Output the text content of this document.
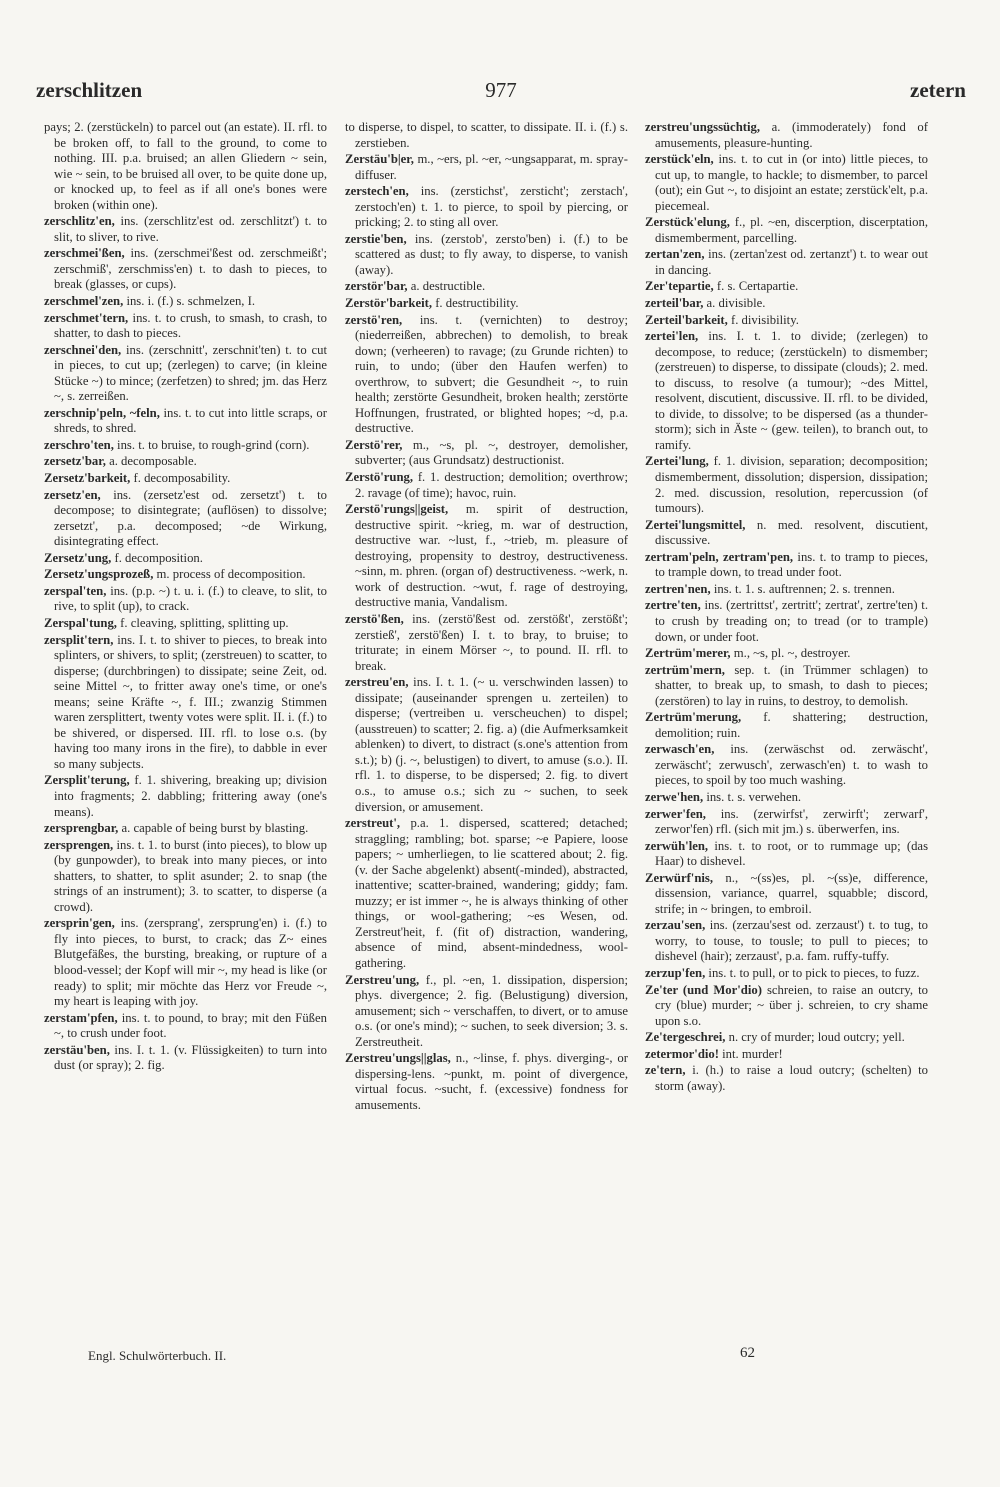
977
zerschlitzen	zetern

pays; 2. (zerstückeln) to parcel out (an estate). II. rfl. to be broken off, to fall to the ground, to come to nothing. III. p.a. bruised; an allen Gliedern ~ sein, wie ~ sein, to be bruised all over, to be quite done up, or knocked up, to feel as if all one's bones were broken (within one).

zerschlitz'en, ins. (zerschlitz'est od. zerschlitzt') t. to slit, to sliver, to rive.

zerschmei'ßen, ins. (zerschmei'ßest od. zerschmeißt'; zerschmiß', zerschmiss'en) t. to dash to pieces, to break (glasses, or cups).

zerschmel'zen, ins. i. (f.) s. schmelzen, I.

zerschmet'tern, ins. t. to crush, to smash, to crash, to shatter, to dash to pieces.

zerschnei'den, ins. (zerschnitt', zerschnit'ten) t. to cut in pieces, to cut up; (zerlegen) to carve; (in kleine Stücke ~) to mince; (zerfetzen) to shred; jm. das Herz ~, s. zerreißen.

zerschnip'peln, ~feln, ins. t. to cut into little scraps, or shreds, to shred.

zerschro'ten, ins. t. to bruise, to rough-grind (corn).

zersetz'bar, a. decomposable.

Zersetz'barkeit, f. decomposability.

zersetz'en, ins. (zersetz'est od. zersetzt') t. to decompose; to disintegrate; (auflösen) to dissolve; zersetzt', p.a. decomposed; ~de Wirkung, disintegrating effect.

Zersetz'ung, f. decomposition.

Zersetz'ungsprozeß, m. process of decomposition.

zerspal'ten, ins. (p.p. ~) t. u. i. (f.) to cleave, to slit, to rive, to split (up), to crack.

Zerspal'tung, f. cleaving, splitting, splitting up.

zersplit'tern, ins. I. t. to shiver to pieces, to break into splinters, or shivers, to split; (zerstreuen) to scatter, to disperse; (durchbringen) to dissipate; seine Zeit, od. seine Mittel ~, to fritter away one's time, or one's means; seine Kräfte ~, f. III.; zwanzig Stimmen waren zersplittert, twenty votes were split. II. i. (f.) to be shivered, or dispersed. III. rfl. to lose o.s. (by having too many irons in the fire), to dabble in ever so many subjects.

Zersplit'terung, f. 1. shivering, breaking up; division into fragments; 2. dabbling; frittering away (one's means).

zersprengbar, a. capable of being burst by blasting.

zersprengen, ins. t. 1. to burst (into pieces), to blow up (by gunpowder), to break into many pieces, or into shatters, to shatter, to split asunder; 2. to snap (the strings of an instrument); 3. to scatter, to disperse (a crowd).

zersprin'gen, ins. (zersprang', zersprung'en) i. (f.) to fly into pieces, to burst, to crack; das Z~ eines Blutgefäßes, the bursting, breaking, or rupture of a blood-vessel; der Kopf will mir ~, my head is like (or ready) to split; mir möchte das Herz vor Freude ~, my heart is leaping with joy.

zerstam'pfen, ins. t. to pound, to bray; mit den Füßen ~, to crush under foot.

zerstäu'ben, ins. I. t. 1. (v. Flüssigkeiten) to turn into dust (or spray); 2. fig.

to disperse, to dispel, to scatter, to dissipate. II. i. (f.) s. zerstieben.

Zerstäu'b|er, m., ~ers, pl. ~er, ~ungsapparat, m. spray-diffuser.

zerstech'en, ins. (zerstichst', zersticht'; zerstach', zerstoch'en) t. 1. to pierce, to spoil by piercing, or pricking; 2. to sting all over.

zerstie'ben, ins. (zerstob', zersto'ben) i. (f.) to be scattered as dust; to fly away, to disperse, to vanish (away).

zerstör'bar, a. destructible.

Zerstör'barkeit, f. destructibility.

zerstö'ren, ins. t. (vernichten) to destroy; (niederreißen, abbrechen) to demolish, to break down; (verheeren) to ravage; (zu Grunde richten) to ruin, to undo; (über den Haufen werfen) to overthrow, to subvert; die Gesundheit ~, to ruin health; zerstörte Gesundheit, broken health; zerstörte Hoffnungen, frustrated, or blighted hopes; ~d, p.a. destructive.

Zerstö'rer, m., ~s, pl. ~, destroyer, demolisher, subverter; (aus Grundsatz) destructionist.

Zerstö'rung, f. 1. destruction; demolition; overthrow; 2. ravage (of time); havoc, ruin.

Zerstö'rungs||geist, m. spirit of destruction, destructive spirit. ~krieg, m. war of destruction, destructive war. ~lust, f., ~trieb, m. pleasure of destroying, propensity to destroy, destructiveness. ~sinn, m. phren. (organ of) destructiveness. ~werk, n. work of destruction. ~wut, f. rage of destroying, destructive mania, Vandalism.

zerstö'ßen, ins. (zerstö'ßest od. zerstößt', zerstößt'; zerstieß', zerstö'ßen) I. t. to bray, to bruise; to triturate; in einem Mörser ~, to pound. II. rfl. to break.

zerstreu'en, ins. I. t. 1. (~ u. verschwinden lassen) to dissipate; (auseinander sprengen u. zerteilen) to disperse; (vertreiben u. verscheuchen) to dispel; (ausstreuen) to scatter; 2. fig. a) (die Aufmerksamkeit ablenken) to divert, to distract (s.one's attention from s.t.); b) (j. ~, belustigen) to divert, to amuse (s.o.). II. rfl. 1. to disperse, to be dispersed; 2. fig. to divert o.s., to amuse o.s.; sich zu ~ suchen, to seek diversion, or amusement.

zerstreut', p.a. 1. dispersed, scattered; detached; straggling; rambling; bot. sparse; ~e Papiere, loose papers; ~ umherliegen, to lie scattered about; 2. fig. (v. der Sache abgelenkt) absent(-minded), abstracted, inattentive; scatter-brained, wandering; giddy; fam. muzzy; er ist immer ~, he is always thinking of other things, or wool-gathering; ~es Wesen, od. Zerstreut'heit, f. (fit of) distraction, wandering, absence of mind, absent-mindedness, wool-gathering.

Zerstreu'ung, f., pl. ~en, 1. dissipation, dispersion; phys. divergence; 2. fig. (Belustigung) diversion, amusement; sich ~ verschaffen, to divert, or to amuse o.s. (or one's mind); ~ suchen, to seek diversion; 3. s. Zerstreutheit.

Zerstreu'ungs||glas, n., ~linse, f. phys. diverging-, or dispersing-lens. ~punkt, m. point of divergence, virtual focus. ~sucht, f. (excessive) fondness for amusements.

zerstreu'ungssüchtig, a. (immoderately) fond of amusements, pleasure-hunting.

zerstück'eln, ins. t. to cut in (or into) little pieces, to cut up, to mangle, to hackle; to dismember, to parcel (out); ein Gut ~, to disjoint an estate; zerstück'elt, p.a. piecemeal.

Zerstück'elung, f., pl. ~en, discerption, discerptation, dismemberment, parcelling.

zertan'zen, ins. (zertan'zest od. zertanzt') t. to wear out in dancing.

Zer'tepartie, f. s. Certapartie.

zerteil'bar, a. divisible.

Zerteil'barkeit, f. divisibility.

zertei'len, ins. I. t. 1. to divide; (zerlegen) to decompose, to reduce; (zerstückeln) to dismember; (zerstreuen) to disperse, to dissipate (clouds); 2. med. to discuss, to resolve (a tumour); ~des Mittel, resolvent, discutient, discussive. II. rfl. to be divided, to divide, to dissolve; to be dispersed (as a thunder-storm); sich in Äste ~ (gew. teilen), to branch out, to ramify.

Zertei'lung, f. 1. division, separation; decomposition; dismemberment, dissolution; dispersion, dissipation; 2. med. discussion, resolution, repercussion (of tumours).

Zertei'lungsmittel, n. med. resolvent, discutient, discussive.

zertram'peln, zertram'pen, ins. t. to tramp to pieces, to trample down, to tread under foot.

zertren'nen, ins. t. 1. s. auftrennen; 2. s. trennen.

zertre'ten, ins. (zertrittst', zertritt'; zertrat', zertre'ten) t. to crush by treading on; to tread (or to trample) down, or under foot.

Zertrüm'merer, m., ~s, pl. ~, destroyer.

zertrüm'mern, sep. t. (in Trümmer schlagen) to shatter, to break up, to smash, to dash to pieces; (zerstören) to lay in ruins, to destroy, to demolish.

Zertrüm'merung, f. shattering; destruction, demolition; ruin.

zerwasch'en, ins. (zerwäschst od. zerwäscht', zerwäscht'; zerwusch', zerwasch'en) t. to wash to pieces, to spoil by too much washing.

zerwe'hen, ins. t. s. verwehen.

zerwer'fen, ins. (zerwirfst', zerwirft'; zerwarf', zerwor'fen) rfl. (sich mit jm.) s. überwerfen, ins.

zerwüh'len, ins. t. to root, or to rummage up; (das Haar) to dishevel.

Zerwürf'nis, n., ~(ss)es, pl. ~(ss)e, difference, dissension, variance, quarrel, squabble; discord, strife; in ~ bringen, to embroil.

zerzau'sen, ins. (zerzau'sest od. zerzaust') t. to tug, to worry, to touse, to tousle; to pull to pieces; to dishevel (hair); zerzaust', p.a. fam. ruffy-tuffy.

zerzup'fen, ins. t. to pull, or to pick to pieces, to fuzz.

Ze'ter (und Mor'dio) schreien, to raise an outcry, to cry (blue) murder; ~ über j. schreien, to cry shame upon s.o.

Ze'tergeschrei, n. cry of murder; loud outcry; yell.

zetermor'dio! int. murder!

ze'tern, i. (h.) to raise a loud outcry; (schelten) to storm (away).

Engl. Schulwörterbuch. II.	62
